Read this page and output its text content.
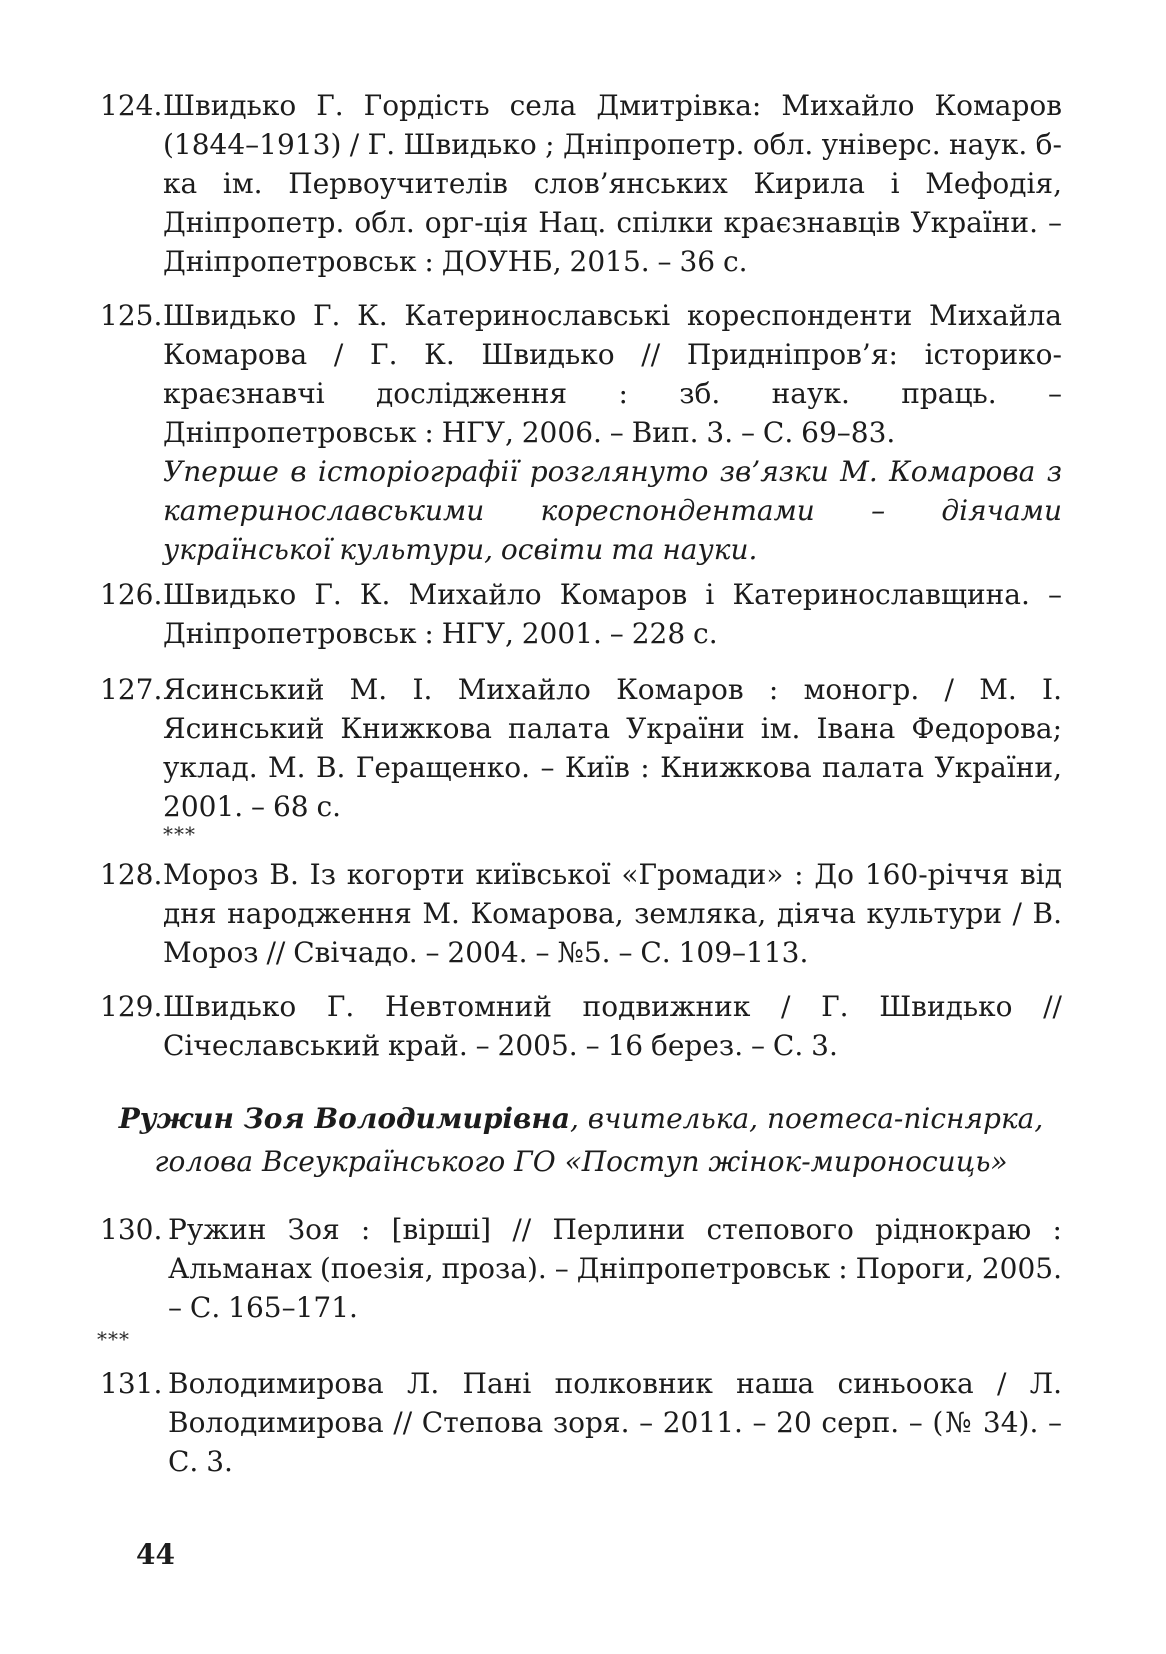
124. Швидько Г. Гордість села Дмитрівка: Михайло Комаров (1844–1913) / Г. Швидько ; Дніпропетр. обл. універс. наук. б-ка ім. Первоучителів слов’янських Кирила і Мефодія, Дніпропетр. обл. орг-ція Нац. спілки краєзнавців України. – Дніпропетровськ : ДОУНБ, 2015. – 36 с.
125. Швидько Г. К. Катеринославські кореспонденти Михайла Комарова / Г. К. Швидько // Придніпров’я: історико-краєзнавчі дослідження : зб. наук. праць. – Дніпропетровськ : НГУ, 2006. – Вип. 3. – С. 69–83.
Уперше в історіографії розглянуто зв’язки М. Комарова з катеринославськими кореспондентами – діячами української культури, освіти та науки.
126. Швидько Г. К. Михайло Комаров і Катеринославщина. – Дніпропетровськ : НГУ, 2001. – 228 с.
127. Ясинський М. І. Михайло Комаров : моногр. / М. І. Ясинський Книжкова палата України ім. Івана Федорова; уклад. М. В. Геращенко. – Київ : Книжкова палата України, 2001. – 68 с.
***
128. Мороз В. Із когорти київської «Громади» : До 160-річчя від дня народження М. Комарова, земляка, діяча культури / В. Мороз // Свічадо. – 2004. – №5. – С. 109–113.
129. Швидько Г. Невтомний подвижник / Г. Швидько // Січеславський край. – 2005. – 16 берез. – С. 3.
Ружин Зоя Володимирівна, вчителька, поетеса-піснярка,
голова Всеукраїнського ГО «Поступ жінок-мироносиць»
130. Ружин Зоя : [вірші] // Перлини степового ріднокраю : Альманах (поезія, проза). – Дніпропетровськ : Пороги, 2005. – С. 165–171.
***
131. Володимирова Л. Пані полковник наша синьоока / Л. Володимирова // Степова зоря. – 2011. – 20 серп. – (№ 34). – С. 3.
44
